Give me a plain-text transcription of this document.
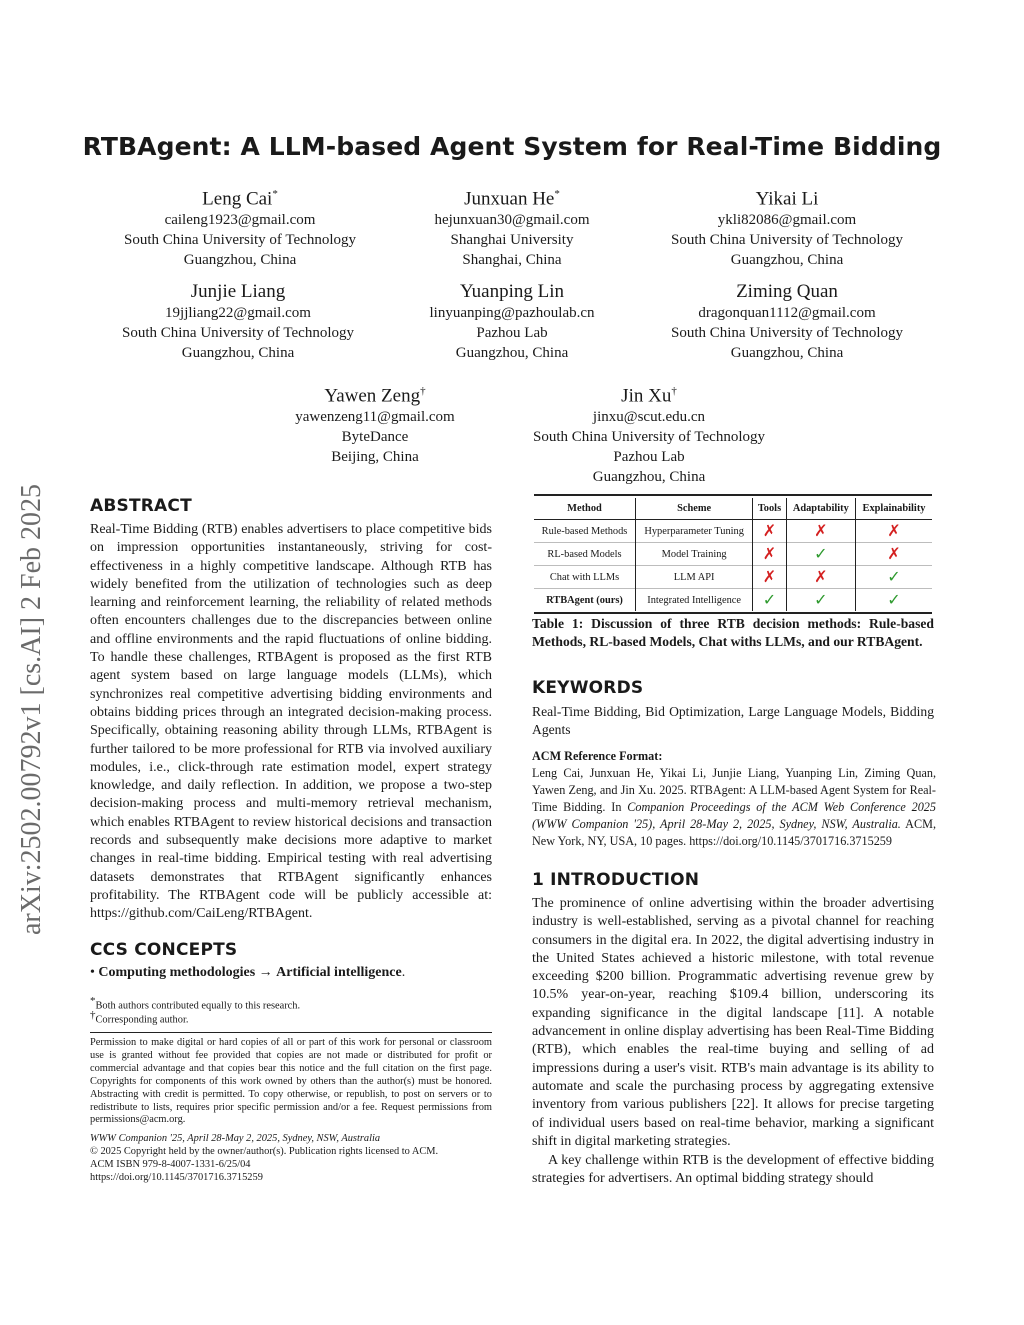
RTBAgent: A LLM-based Agent System for Real-Time Bidding
arXiv:2502.00792v1 [cs.AI] 2 Feb 2025
Leng Cai*
caileng1923@gmail.com
South China University of Technology
Guangzhou, China
Junxuan He*
hejunxuan30@gmail.com
Shanghai University
Shanghai, China
Yikai Li
ykli82086@gmail.com
South China University of Technology
Guangzhou, China
Junjie Liang
19jjliang22@gmail.com
South China University of Technology
Guangzhou, China
Yuanping Lin
linyuanping@pazhoulab.cn
Pazhou Lab
Guangzhou, China
Ziming Quan
dragonquan1112@gmail.com
South China University of Technology
Guangzhou, China
Yawen Zeng†
yawenzeng11@gmail.com
ByteDance
Beijing, China
Jin Xu†
jinxu@scut.edu.cn
South China University of Technology
Pazhou Lab
Guangzhou, China
ABSTRACT

Real-Time Bidding (RTB) enables advertisers to place competitive bids on impression opportunities instantaneously, striving for cost-effectiveness in a highly competitive landscape. Although RTB has widely benefited from the utilization of technologies such as deep learning and reinforcement learning, the reliability of related methods often encounters challenges due to the discrepancies between online and offline environments and the rapid fluctuations of online bidding. To handle these challenges, RTBAgent is proposed as the first RTB agent system based on large language models (LLMs), which synchronizes real competitive advertising bidding environments and obtains bidding prices through an integrated decision-making process. Specifically, obtaining reasoning ability through LLMs, RTBAgent is further tailored to be more professional for RTB via involved auxiliary modules, i.e., click-through rate estimation model, expert strategy knowledge, and daily reflection. In addition, we propose a two-step decision-making process and multi-memory retrieval mechanism, which enables RTBAgent to review historical decisions and transaction records and subsequently make decisions more adaptive to market changes in real-time bidding. Empirical testing with real advertising datasets demonstrates that RTBAgent significantly enhances profitability. The RTBAgent code will be publicly accessible at: https://github.com/CaiLeng/RTBAgent.

CCS CONCEPTS

• Computing methodologies → Artificial intelligence.

*Both authors contributed equally to this research.
†Corresponding author.

Permission to make digital or hard copies of all or part of this work for personal or classroom use is granted without fee provided that copies are not made or distributed for profit or commercial advantage and that copies bear this notice and the full citation on the first page. Copyrights for components of this work owned by others than the author(s) must be honored. Abstracting with credit is permitted. To copy otherwise, or republish, to post on servers or to redistribute to lists, requires prior specific permission and/or a fee. Request permissions from permissions@acm.org.

WWW Companion '25, April 28-May 2, 2025, Sydney, NSW, Australia
© 2025 Copyright held by the owner/author(s). Publication rights licensed to ACM.
ACM ISBN 979-8-4007-1331-6/25/04
https://doi.org/10.1145/3701716.3715259
Method	Scheme	Tools	Adaptability	Explainability
Rule-based Methods	Hyperparameter Tuning	✗	✗	✗
RL-based Models	Model Training	✗	✓	✗
Chat with LLMs	LLM API	✗	✗	✓
RTBAgent (ours)	Integrated Intelligence	✓	✓	✓

Table 1: Discussion of three RTB decision methods: Rule-based Methods, RL-based Models, Chat withs LLMs, and our RTBAgent.

KEYWORDS

Real-Time Bidding, Bid Optimization, Large Language Models, Bidding Agents

ACM Reference Format:

Leng Cai, Junxuan He, Yikai Li, Junjie Liang, Yuanping Lin, Ziming Quan, Yawen Zeng, and Jin Xu. 2025. RTBAgent: A LLM-based Agent System for Real-Time Bidding. In Companion Proceedings of the ACM Web Conference 2025 (WWW Companion '25), April 28-May 2, 2025, Sydney, NSW, Australia. ACM, New York, NY, USA, 10 pages. https://doi.org/10.1145/3701716.3715259

1 INTRODUCTION

The prominence of online advertising within the broader advertising industry is well-established, serving as a pivotal channel for reaching consumers in the digital era. In 2022, the digital advertising industry in the United States achieved a historic milestone, with total revenue exceeding $200 billion. Programmatic advertising revenue grew by 10.5% year-on-year, reaching $109.4 billion, underscoring its expanding significance in the digital landscape [11]. A notable advancement in online display advertising has been Real-Time Bidding (RTB), which enables the real-time buying and selling of ad impressions during a user's visit. RTB's main advantage is its ability to automate and scale the purchasing process by aggregating extensive inventory from various publishers [22]. It allows for precise targeting of individual users based on real-time behavior, marking a significant shift in digital marketing strategies.

A key challenge within RTB is the development of effective bidding strategies for advertisers. An optimal bidding strategy should
